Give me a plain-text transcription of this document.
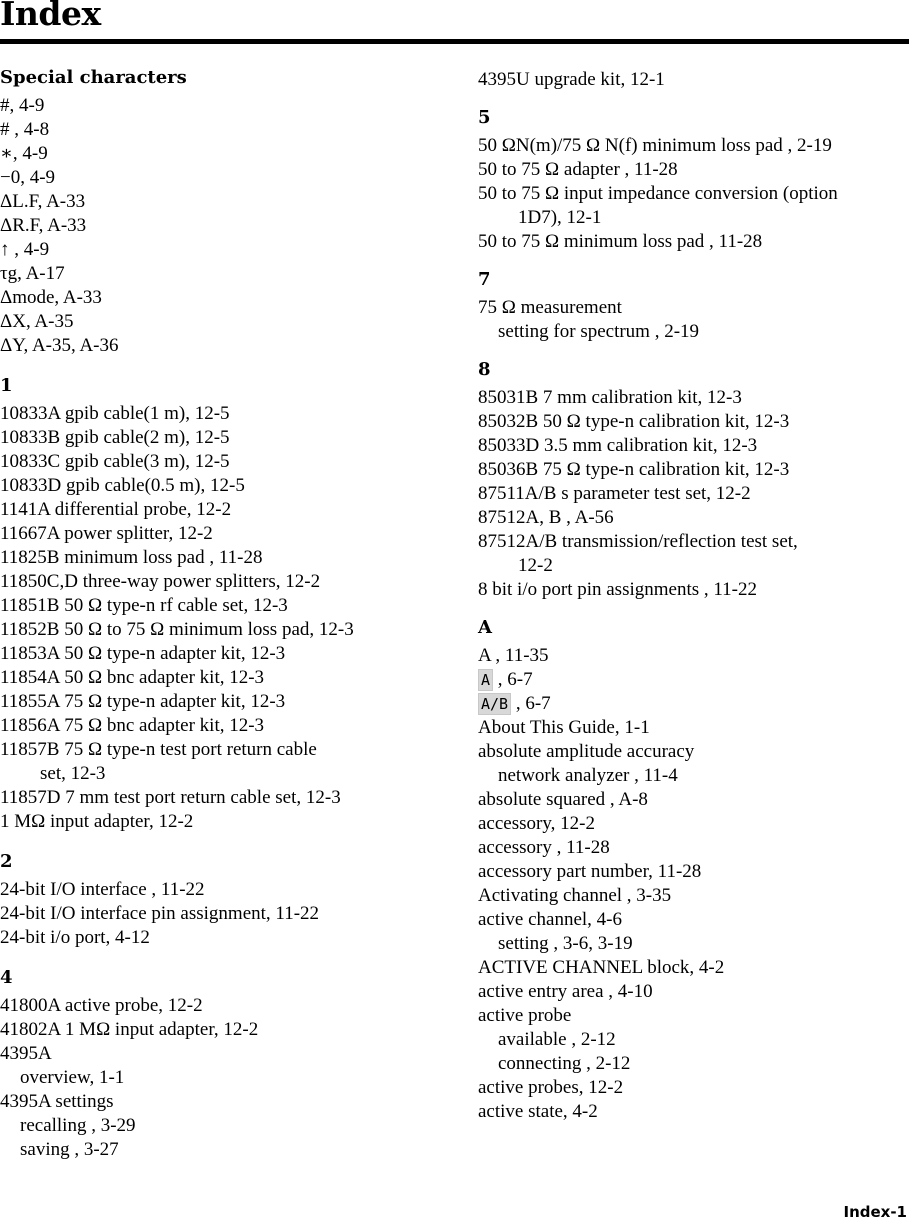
Index
Special characters
#, 4-9
# , 4-8
∗, 4-9
−0, 4-9
ΔL.F, A-33
ΔR.F, A-33
↑ , 4-9
τg, A-17
Δmode, A-33
ΔX, A-35
ΔY, A-35, A-36
1
10833A gpib cable(1 m), 12-5
10833B gpib cable(2 m), 12-5
10833C gpib cable(3 m), 12-5
10833D gpib cable(0.5 m), 12-5
1141A differential probe, 12-2
11667A power splitter, 12-2
11825B minimum loss pad , 11-28
11850C,D three-way power splitters, 12-2
11851B 50 Ω type-n rf cable set, 12-3
11852B 50 Ω to 75 Ω minimum loss pad, 12-3
11853A 50 Ω type-n adapter kit, 12-3
11854A 50 Ω bnc adapter kit, 12-3
11855A 75 Ω type-n adapter kit, 12-3
11856A 75 Ω bnc adapter kit, 12-3
11857B 75 Ω type-n test port return cable
set, 12-3
11857D 7 mm test port return cable set, 12-3
1 MΩ input adapter, 12-2
2
24-bit I/O interface , 11-22
24-bit I/O interface pin assignment, 11-22
24-bit i/o port, 4-12
4
41800A active probe, 12-2
41802A 1 MΩ input adapter, 12-2
4395A
overview, 1-1
4395A settings
recalling , 3-29
saving , 3-27
4395U upgrade kit, 12-1
5
50 ΩN(m)/75 Ω N(f) minimum loss pad , 2-19
50 to 75 Ω adapter , 11-28
50 to 75 Ω input impedance conversion (option
1D7), 12-1
50 to 75 Ω minimum loss pad , 11-28
7
75 Ω measurement
setting for spectrum , 2-19
8
85031B 7 mm calibration kit, 12-3
85032B 50 Ω type-n calibration kit, 12-3
85033D 3.5 mm calibration kit, 12-3
85036B 75 Ω type-n calibration kit, 12-3
87511A/B s parameter test set, 12-2
87512A, B , A-56
87512A/B transmission/reflection test set,
12-2
8 bit i/o port pin assignments , 11-22
A
A , 11-35
A , 6-7
A/B , 6-7
About This Guide, 1-1
absolute amplitude accuracy
network analyzer , 11-4
absolute squared , A-8
accessory, 12-2
accessory , 11-28
accessory part number, 11-28
Activating channel , 3-35
active channel, 4-6
setting , 3-6, 3-19
ACTIVE CHANNEL block, 4-2
active entry area , 4-10
active probe
available , 2-12
connecting , 2-12
active probes, 12-2
active state, 4-2
Index-1
